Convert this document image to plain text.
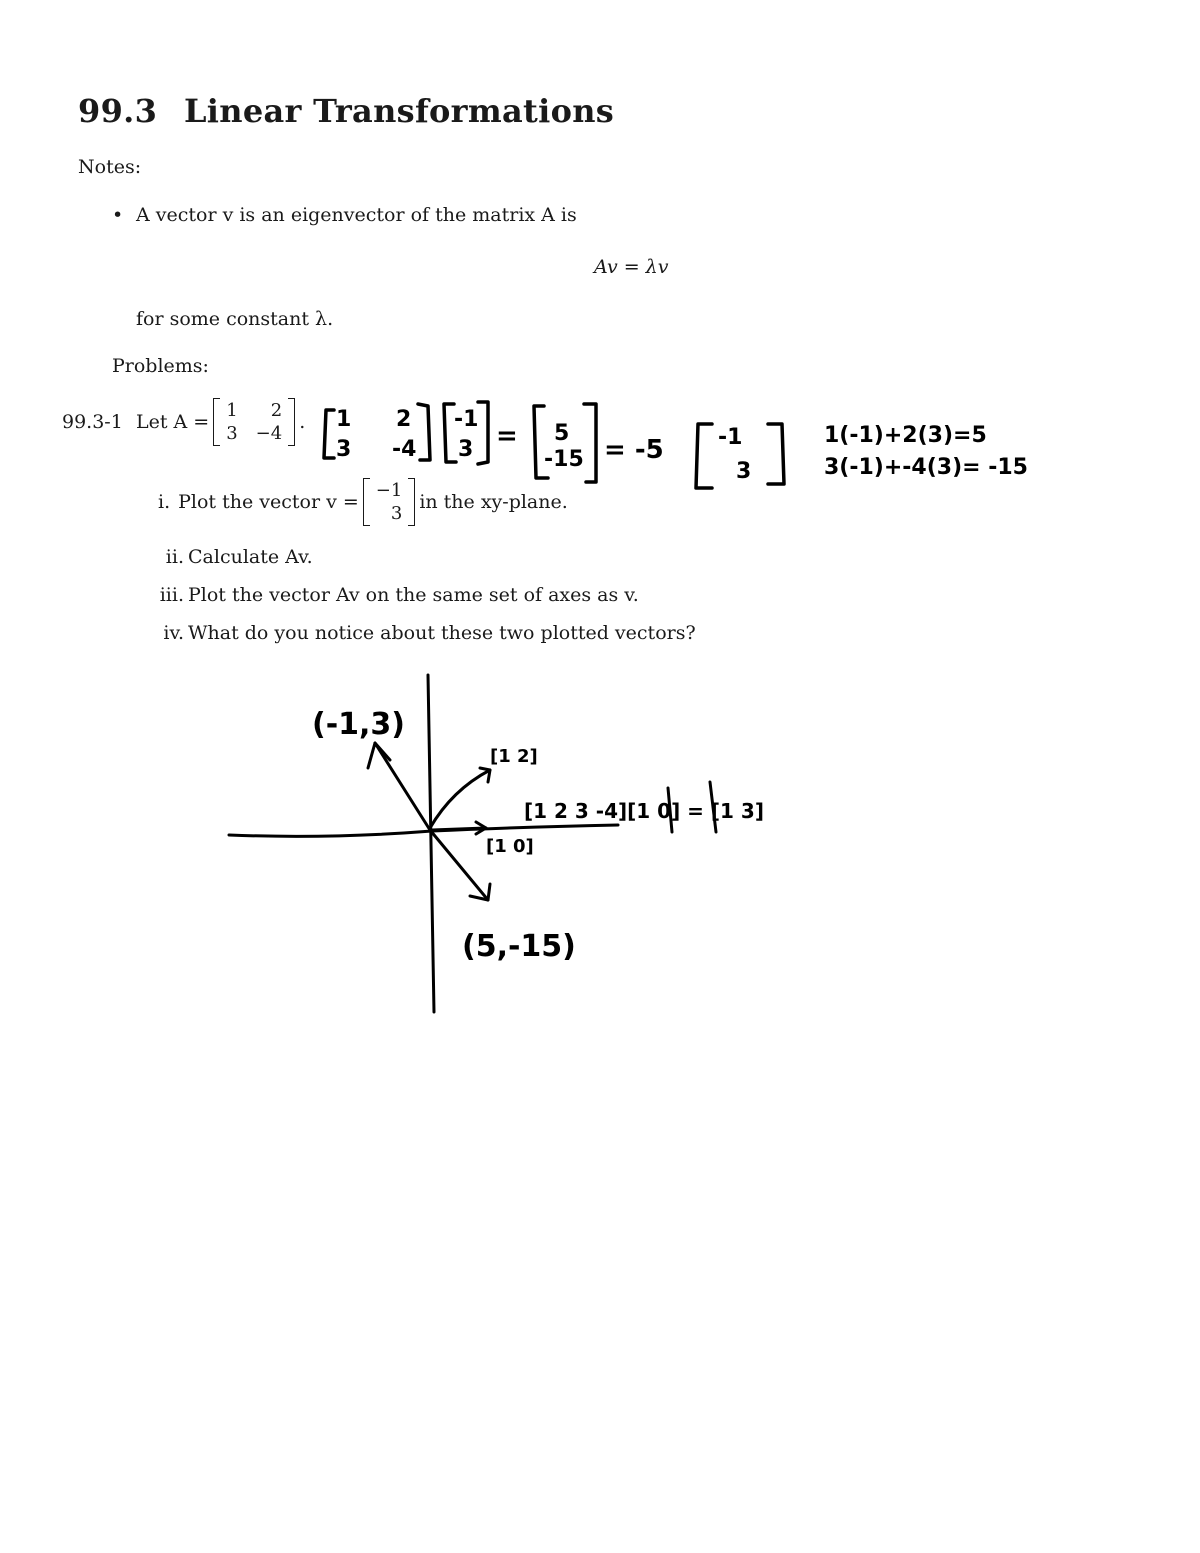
99.3 Linear Transformations
Notes:
• A vector v is an eigenvector of the matrix A is
Av = λv
for some constant λ.
Problems:
99.3-1 Let A =
1	2
3 −4
.
i. Plot the vector v =
−1
3
in the xy-plane.
ii. Calculate Av.
iii. Plot the vector Av on the same set of axes as v.
iv. What do you notice about these two plotted vectors?
1 2
3 -4
-1
3 = 5
-15 = -5 -1
3
1(-1)+2(3)=5
3(-1)+-4(3)= -15
(-1,3)
(5,-15)
[1 2]
[1 0]
[1 2 3 -4][1 0] = [1 3]
